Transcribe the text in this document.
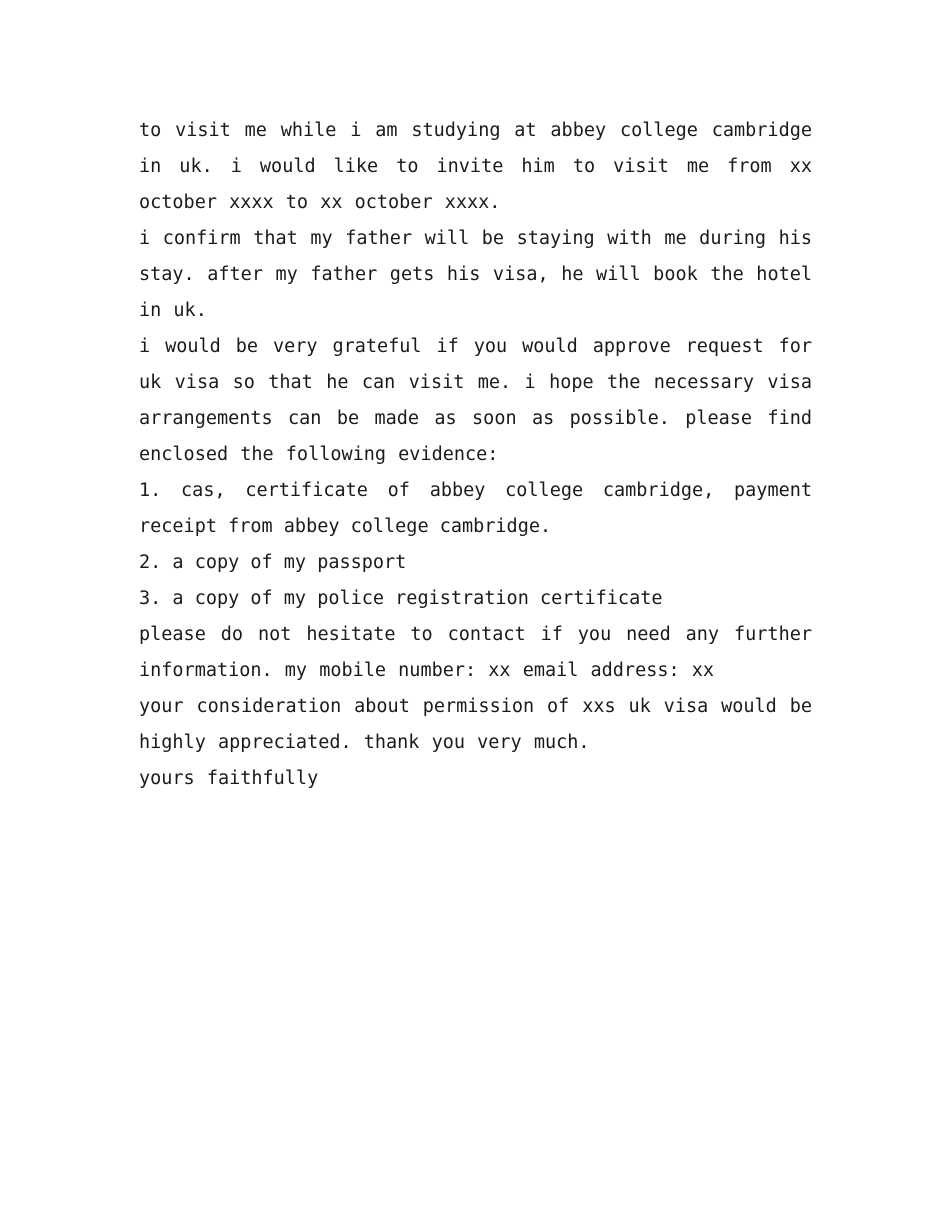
to visit me while i am studying at abbey college cambridge in uk. i would like to invite him to visit me from xx october xxxx to xx october xxxx.

i confirm that my father will be staying with me during his stay. after my father gets his visa, he will book the hotel in uk.

i would be very grateful if you would approve request for uk visa so that he can visit me. i hope the necessary visa arrangements can be made as soon as possible. please find enclosed the following evidence:

1. cas, certificate of abbey college cambridge, payment receipt from abbey college cambridge.

2. a copy of my passport

3. a copy of my police registration certificate

please do not hesitate to contact if you need any further information. my mobile number: xx email address: xx

your consideration about permission of xxs uk visa would be highly appreciated. thank you very much.

yours faithfully
